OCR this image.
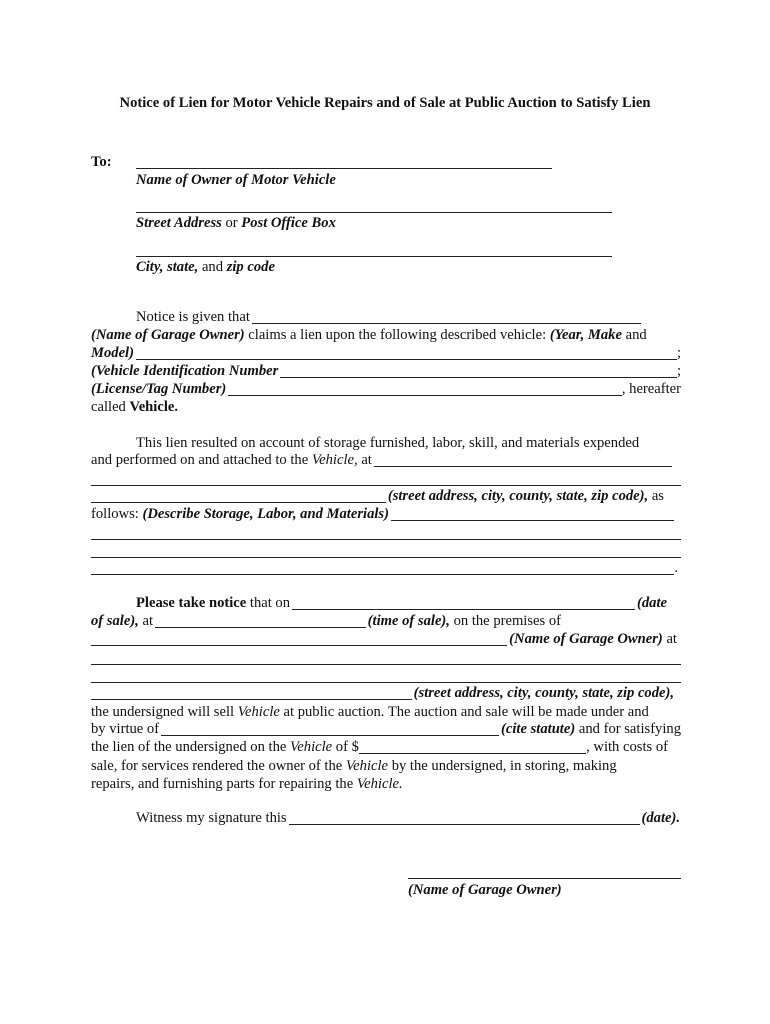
Notice of Lien for Motor Vehicle Repairs and of Sale at Public Auction to Satisfy Lien
To:
Name of Owner of Motor Vehicle
Street Address or Post Office Box
City, state, and zip code
Notice is given that
(Name of Garage Owner)
claims a lien upon the following described vehicle:
(Year, Make
and
Model)	;
(Vehicle Identification Number	;
(License/Tag Number)	, hereafter
called
Vehicle.
This lien resulted on account of storage furnished, labor, skill, and materials expended
and performed on and attached to the
Vehicle,
at
(street address, city, county, state, zip code),
as
follows:
(Describe Storage, Labor, and Materials)
.
Please take notice
that on	(date
of sale),
at	(time of sale),
on the premises of
(Name of Garage Owner)
at
(street address, city, county, state, zip code),
the undersigned will sell Vehicle at public auction. The auction and sale will be made under and
by virtue of	(cite statute)
and for satisfying
the lien of the undersigned on the
Vehicle
of $	, with costs of
sale, for services rendered the owner of the Vehicle by the undersigned, in storing, making
repairs, and furnishing parts for repairing the Vehicle.
Witness my signature this	(date).
(Name of Garage Owner)
